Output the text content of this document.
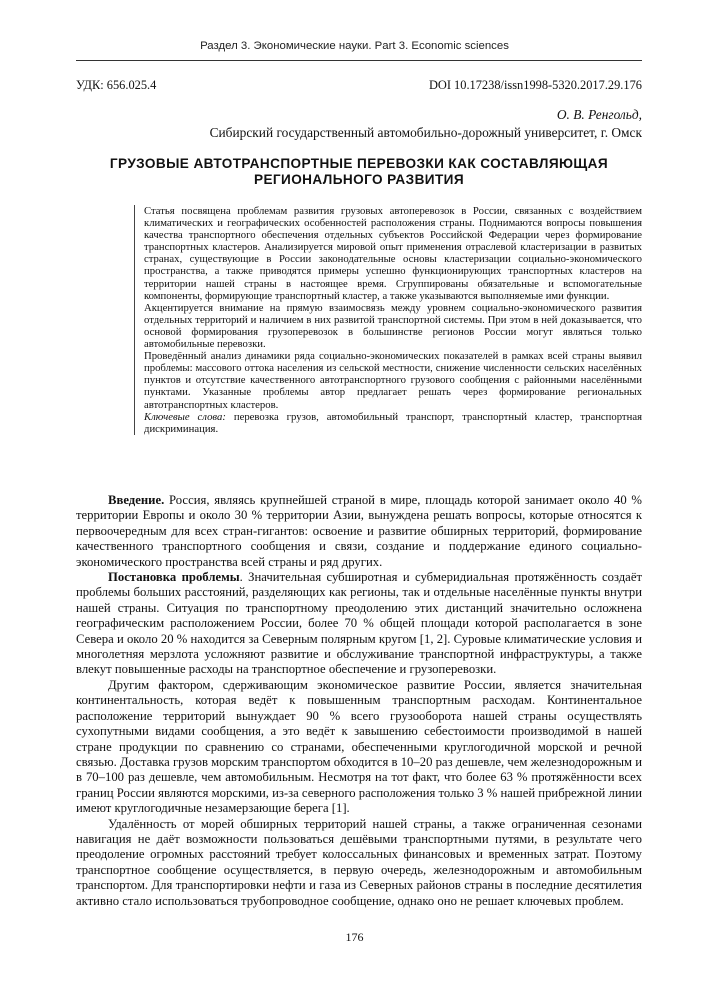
Раздел 3. Экономические науки. Part 3. Economic sciences
УДК: 656.025.4	DOI 10.17238/issn1998-5320.2017.29.176
О. В. Ренгольд,
Сибирский государственный автомобильно-дорожный университет, г. Омск
ГРУЗОВЫЕ АВТОТРАНСПОРТНЫЕ ПЕРЕВОЗКИ КАК СОСТАВЛЯЮЩАЯ РЕГИОНАЛЬНОГО РАЗВИТИЯ

Статья посвящена проблемам развития грузовых автоперевозок в России, связанных с воздействием климатических и географических особенностей расположения страны. Поднимаются вопросы повышения качества транспортного обеспечения отдельных субъектов Российской Федерации через формирование транспортных кластеров. Анализируется мировой опыт применения отраслевой кластеризации в развитых странах, существующие в России законодательные основы кластеризации социально-экономического пространства, а также приводятся примеры успешно функционирующих транспортных кластеров на территории нашей страны в настоящее время. Сгруппированы обязательные и вспомогательные компоненты, формирующие транспортный кластер, а также указываются выполняемые ими функции.

Акцентируется внимание на прямую взаимосвязь между уровнем социально-экономического развития отдельных территорий и наличием в них развитой транспортной системы. При этом в ней доказывается, что основой формирования грузоперевозок в большинстве регионов России могут являться только автомобильные перевозки.

Проведённый анализ динамики ряда социально-экономических показателей в рамках всей страны выявил проблемы: массового оттока населения из сельской местности, снижение численности сельских населённых пунктов и отсутствие качественного автотранспортного грузового сообщения с районными населёнными пунктами. Указанные проблемы автор предлагает решать через формирование региональных автотранспортных кластеров.

Ключевые слова: перевозка грузов, автомобильный транспорт, транспортный кластер, транспортная дискриминация.

Введение. Россия, являясь крупнейшей страной в мире, площадь которой занимает около 40 % территории Европы и около 30 % территории Азии, вынуждена решать вопросы, которые относятся к первоочередным для всех стран-гигантов: освоение и развитие обширных территорий, формирование качественного транспортного сообщения и связи, создание и поддержание единого социально-экономического пространства всей страны и ряд других.

Постановка проблемы. Значительная субширотная и субмеридиальная протяжённость создаёт проблемы больших расстояний, разделяющих как регионы, так и отдельные населённые пункты внутри нашей страны. Ситуация по транспортному преодолению этих дистанций значительно осложнена географическим расположением России, более 70 % общей площади которой располагается в зоне Севера и около 20 % находится за Северным полярным кругом [1, 2]. Суровые климатические условия и многолетняя мерзлота усложняют развитие и обслуживание транспортной инфраструктуры, а также влекут повышенные расходы на транспортное обеспечение и грузоперевозки.

Другим фактором, сдерживающим экономическое развитие России, является значительная континентальность, которая ведёт к повышенным транспортным расходам. Континентальное расположение территорий вынуждает 90 % всего грузооборота нашей страны осуществлять сухопутными видами сообщения, а это ведёт к завышению себестоимости производимой в нашей стране продукции по сравнению со странами, обеспеченными круглогодичной морской и речной связью. Доставка грузов морским транспортом обходится в 10–20 раз дешевле, чем железнодорожным и в 70–100 раз дешевле, чем автомобильным. Несмотря на тот факт, что более 63 % протяжённости всех границ России являются морскими, из-за северного расположения только 3 % нашей прибрежной линии имеют круглогодичные незамерзающие берега [1].

Удалённость от морей обширных территорий нашей страны, а также ограниченная сезонами навигация не даёт возможности пользоваться дешёвыми транспортными путями, в результате чего преодоление огромных расстояний требует колоссальных финансовых и временных затрат. Поэтому транспортное сообщение осуществляется, в первую очередь, железнодорожным и автомобильным транспортом. Для транспортировки нефти и газа из Северных районов страны в последние десятилетия активно стало использоваться трубопроводное сообщение, однако оно не решает ключевых проблем.

176
